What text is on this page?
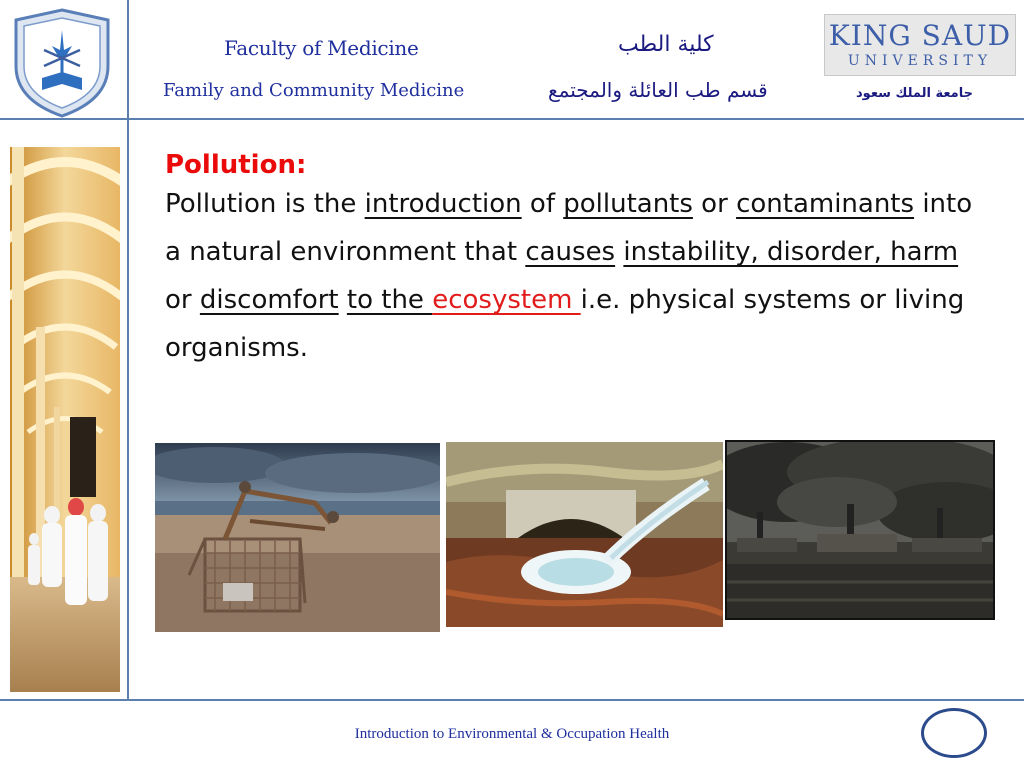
Faculty of Medicine
Family and Community Medicine
كلية الطب
قسم طب العائلة والمجتمع
KING SAUD
UNIVERSITY
جامعة الملك سعود
Pollution:
Pollution is the introduction of pollutants or contaminants into a natural environment that causes instability, disorder, harm or discomfort to the ecosystem i.e. physical systems or living organisms.
Introduction to Environmental & Occupation Health
